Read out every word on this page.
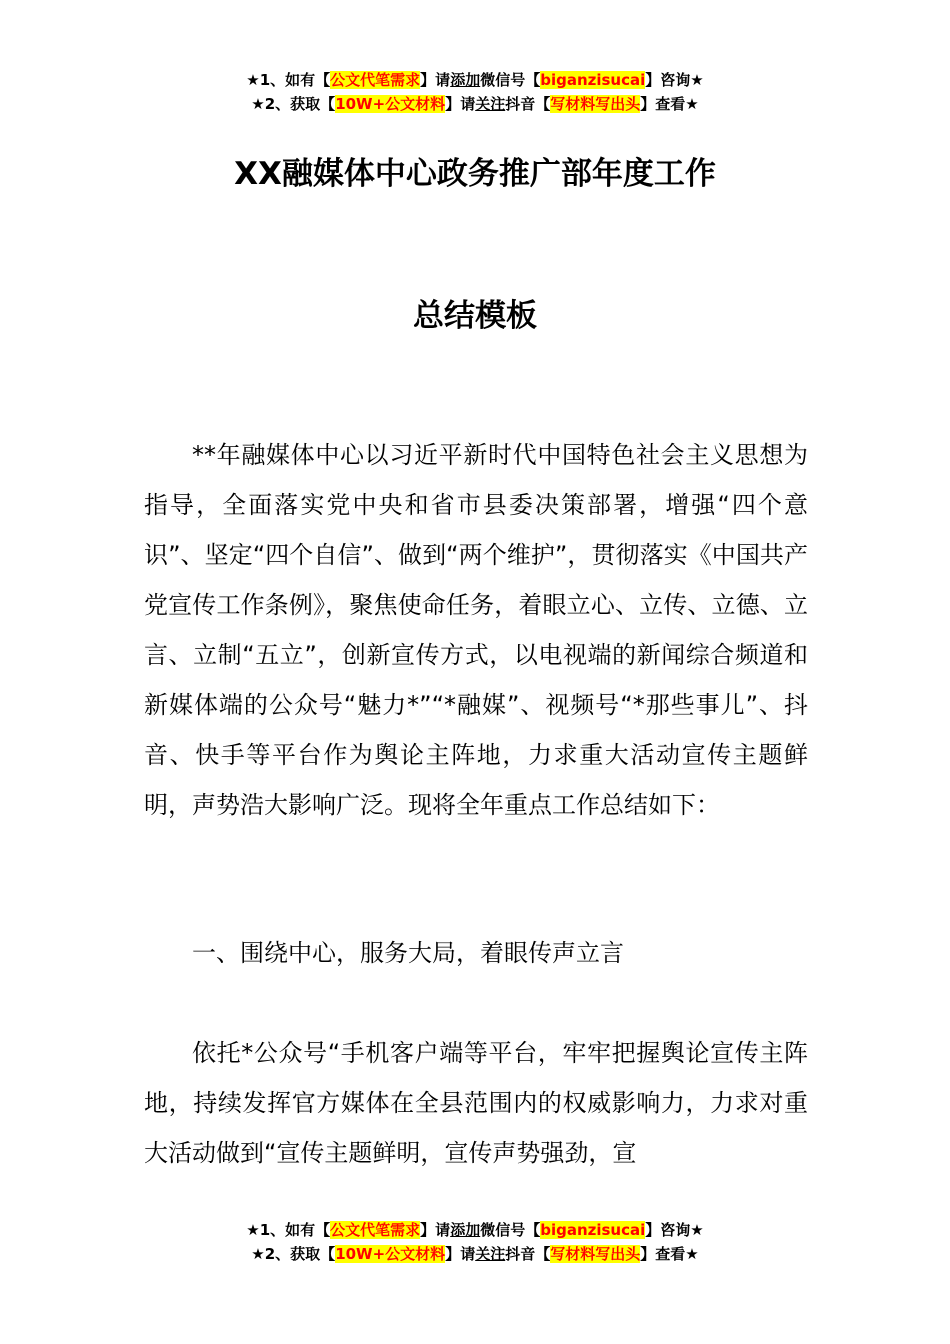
★1、如有【公文代笔需求】请添加微信号【biganzisucai】咨询★
★2、获取【10W+公文材料】请关注抖音【写材料写出头】查看★
XX融媒体中心政务推广部年度工作
总结模板
**年融媒体中心以习近平新时代中国特色社会主义思想为指导，全面落实党中央和省市县委决策部署，增强“四个意识”、坚定“四个自信”、做到“两个维护”，贯彻落实《中国共产党宣传工作条例》，聚焦使命任务，着眼立心、立传、立德、立言、立制“五立”，创新宣传方式，以电视端的新闻综合频道和新媒体端的公众号“魅力*”“*融媒”、视频号“*那些事儿”、抖音、快手等平台作为舆论主阵地，力求重大活动宣传主题鲜明，声势浩大影响广泛。现将全年重点工作总结如下：
一、围绕中心，服务大局，着眼传声立言
依托*公众号“手机客户端等平台，牢牢把握舆论宣传主阵地，持续发挥官方媒体在全县范围内的权威影响力，力求对重大活动做到“宣传主题鲜明，宣传声势强劲，宣
★1、如有【公文代笔需求】请添加微信号【biganzisucai】咨询★
★2、获取【10W+公文材料】请关注抖音【写材料写出头】查看★
